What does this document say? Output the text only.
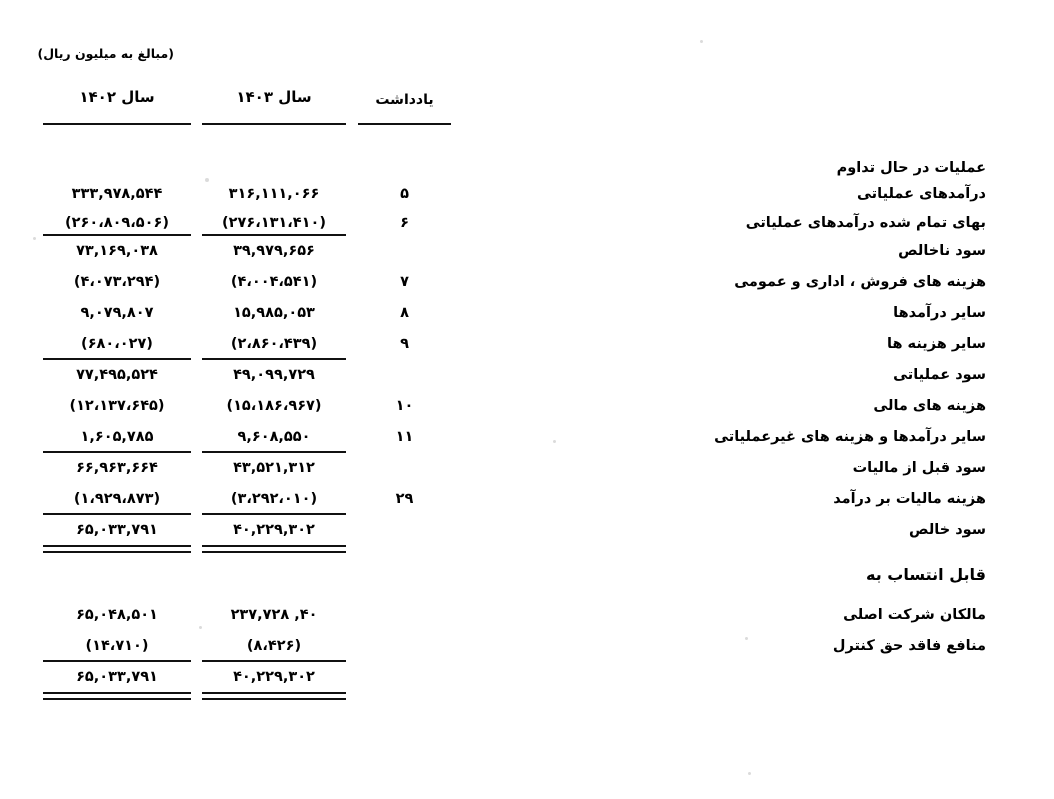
(مبالغ به میلیون ریال)
سال ۱۴۰۲	سال ۱۴۰۳	یادداشت
عملیات در حال تداوم
درآمدهای عملیاتی
۵
۳۱۶,۱۱۱,۰۶۶
۳۳۳,۹۷۸,۵۴۴
بهای تمام شده درآمدهای عملیاتی
۶
(۲۷۶،۱۳۱،۴۱۰)
(۲۶۰،۸۰۹،۵۰۶)
سود ناخالص
۳۹,۹۷۹,۶۵۶
۷۳,۱۶۹,۰۳۸
هزینه های فروش ، اداری و عمومی
۷
(۴،۰۰۴،۵۴۱)
(۴،۰۷۳،۲۹۴)
سایر درآمدها
۸
۱۵,۹۸۵,۰۵۳
۹,۰۷۹,۸۰۷
سایر هزینه ها
۹
(۲،۸۶۰،۴۳۹)
(۶۸۰،۰۲۷)
سود عملیاتی
۴۹,۰۹۹,۷۲۹
۷۷,۴۹۵,۵۲۴
هزینه های مالی
۱۰
(۱۵،۱۸۶،۹۶۷)
(۱۲،۱۳۷،۶۴۵)
سایر درآمدها و هزینه های غیرعملیاتی
۱۱
۹,۶۰۸,۵۵۰
۱,۶۰۵,۷۸۵
سود قبل از مالیات
۴۳,۵۲۱,۳۱۲
۶۶,۹۶۳,۶۶۴
هزینه مالیات بر درآمد
۲۹
(۳،۲۹۲،۰۱۰)
(۱،۹۲۹،۸۷۳)
سود خالص
۴۰,۲۲۹,۳۰۲
۶۵,۰۳۳,۷۹۱
قابل انتساب به
مالکان شرکت اصلی
۴۰, ۲۳۷,۷۲۸
۶۵,۰۴۸,۵۰۱
منافع فاقد حق کنترل
(۸،۴۲۶)
(۱۴،۷۱۰)
۴۰,۲۲۹,۳۰۲
۶۵,۰۳۳,۷۹۱
